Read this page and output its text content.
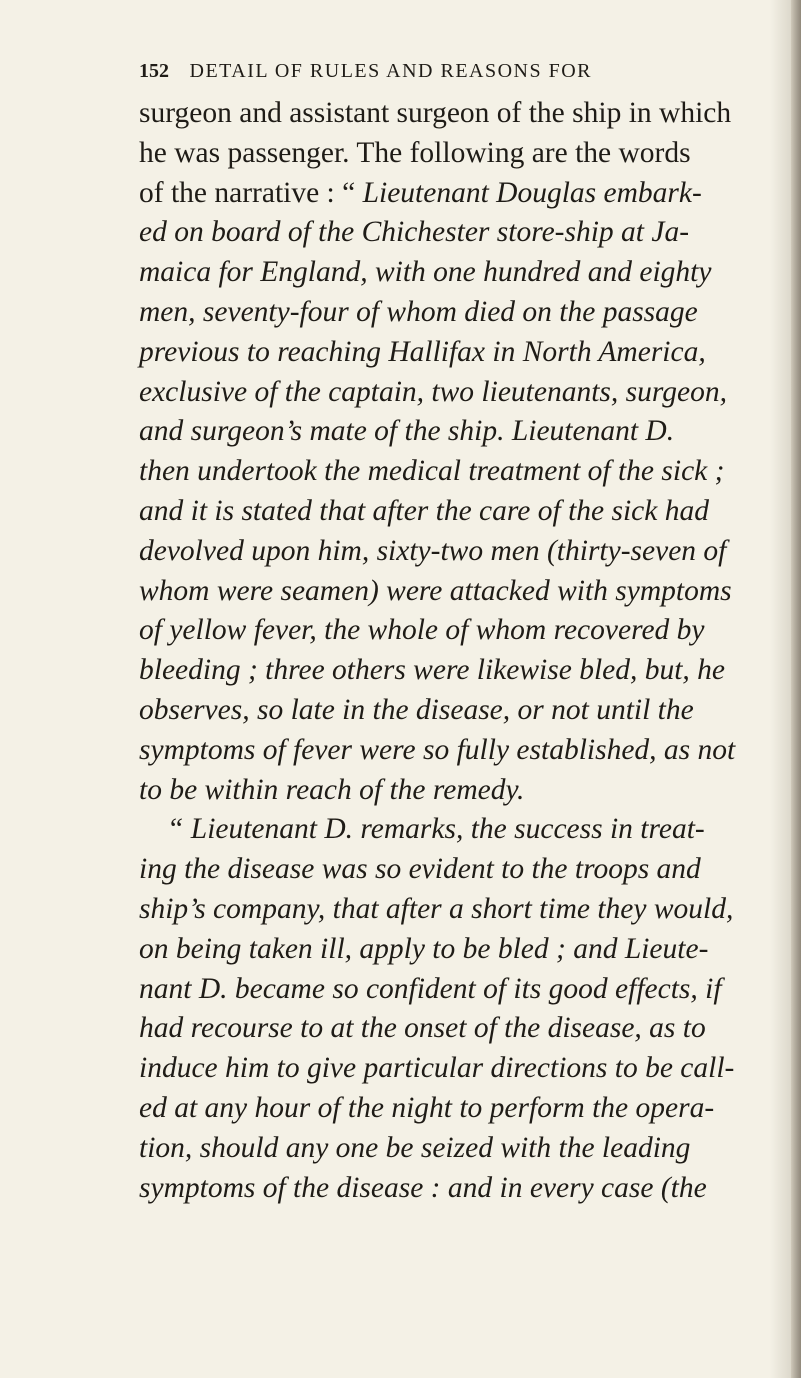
152 DETAIL OF RULES AND REASONS FOR
surgeon and assistant surgeon of the ship in which
he was passenger. The following are the words
of the narrative : “ Lieutenant Douglas embark-
ed on board of the Chichester store-ship at Ja-
maica for England, with one hundred and eighty
men, seventy-four of whom died on the passage
previous to reaching Hallifax in North America,
exclusive of the captain, two lieutenants, surgeon,
and surgeon’s mate of the ship. Lieutenant D.
then undertook the medical treatment of the sick ;
and it is stated that after the care of the sick had
devolved upon him, sixty-two men (thirty-seven of
whom were seamen) were attacked with symptoms
of yellow fever, the whole of whom recovered by
bleeding ; three others were likewise bled, but, he
observes, so late in the disease, or not until the
symptoms of fever were so fully established, as not
to be within reach of the remedy.
“ Lieutenant D. remarks, the success in treat-
ing the disease was so evident to the troops and
ship’s company, that after a short time they would,
on being taken ill, apply to be bled ; and Lieute-
nant D. became so confident of its good effects, if
had recourse to at the onset of the disease, as to
induce him to give particular directions to be call-
ed at any hour of the night to perform the opera-
tion, should any one be seized with the leading
symptoms of the disease : and in every case (the
